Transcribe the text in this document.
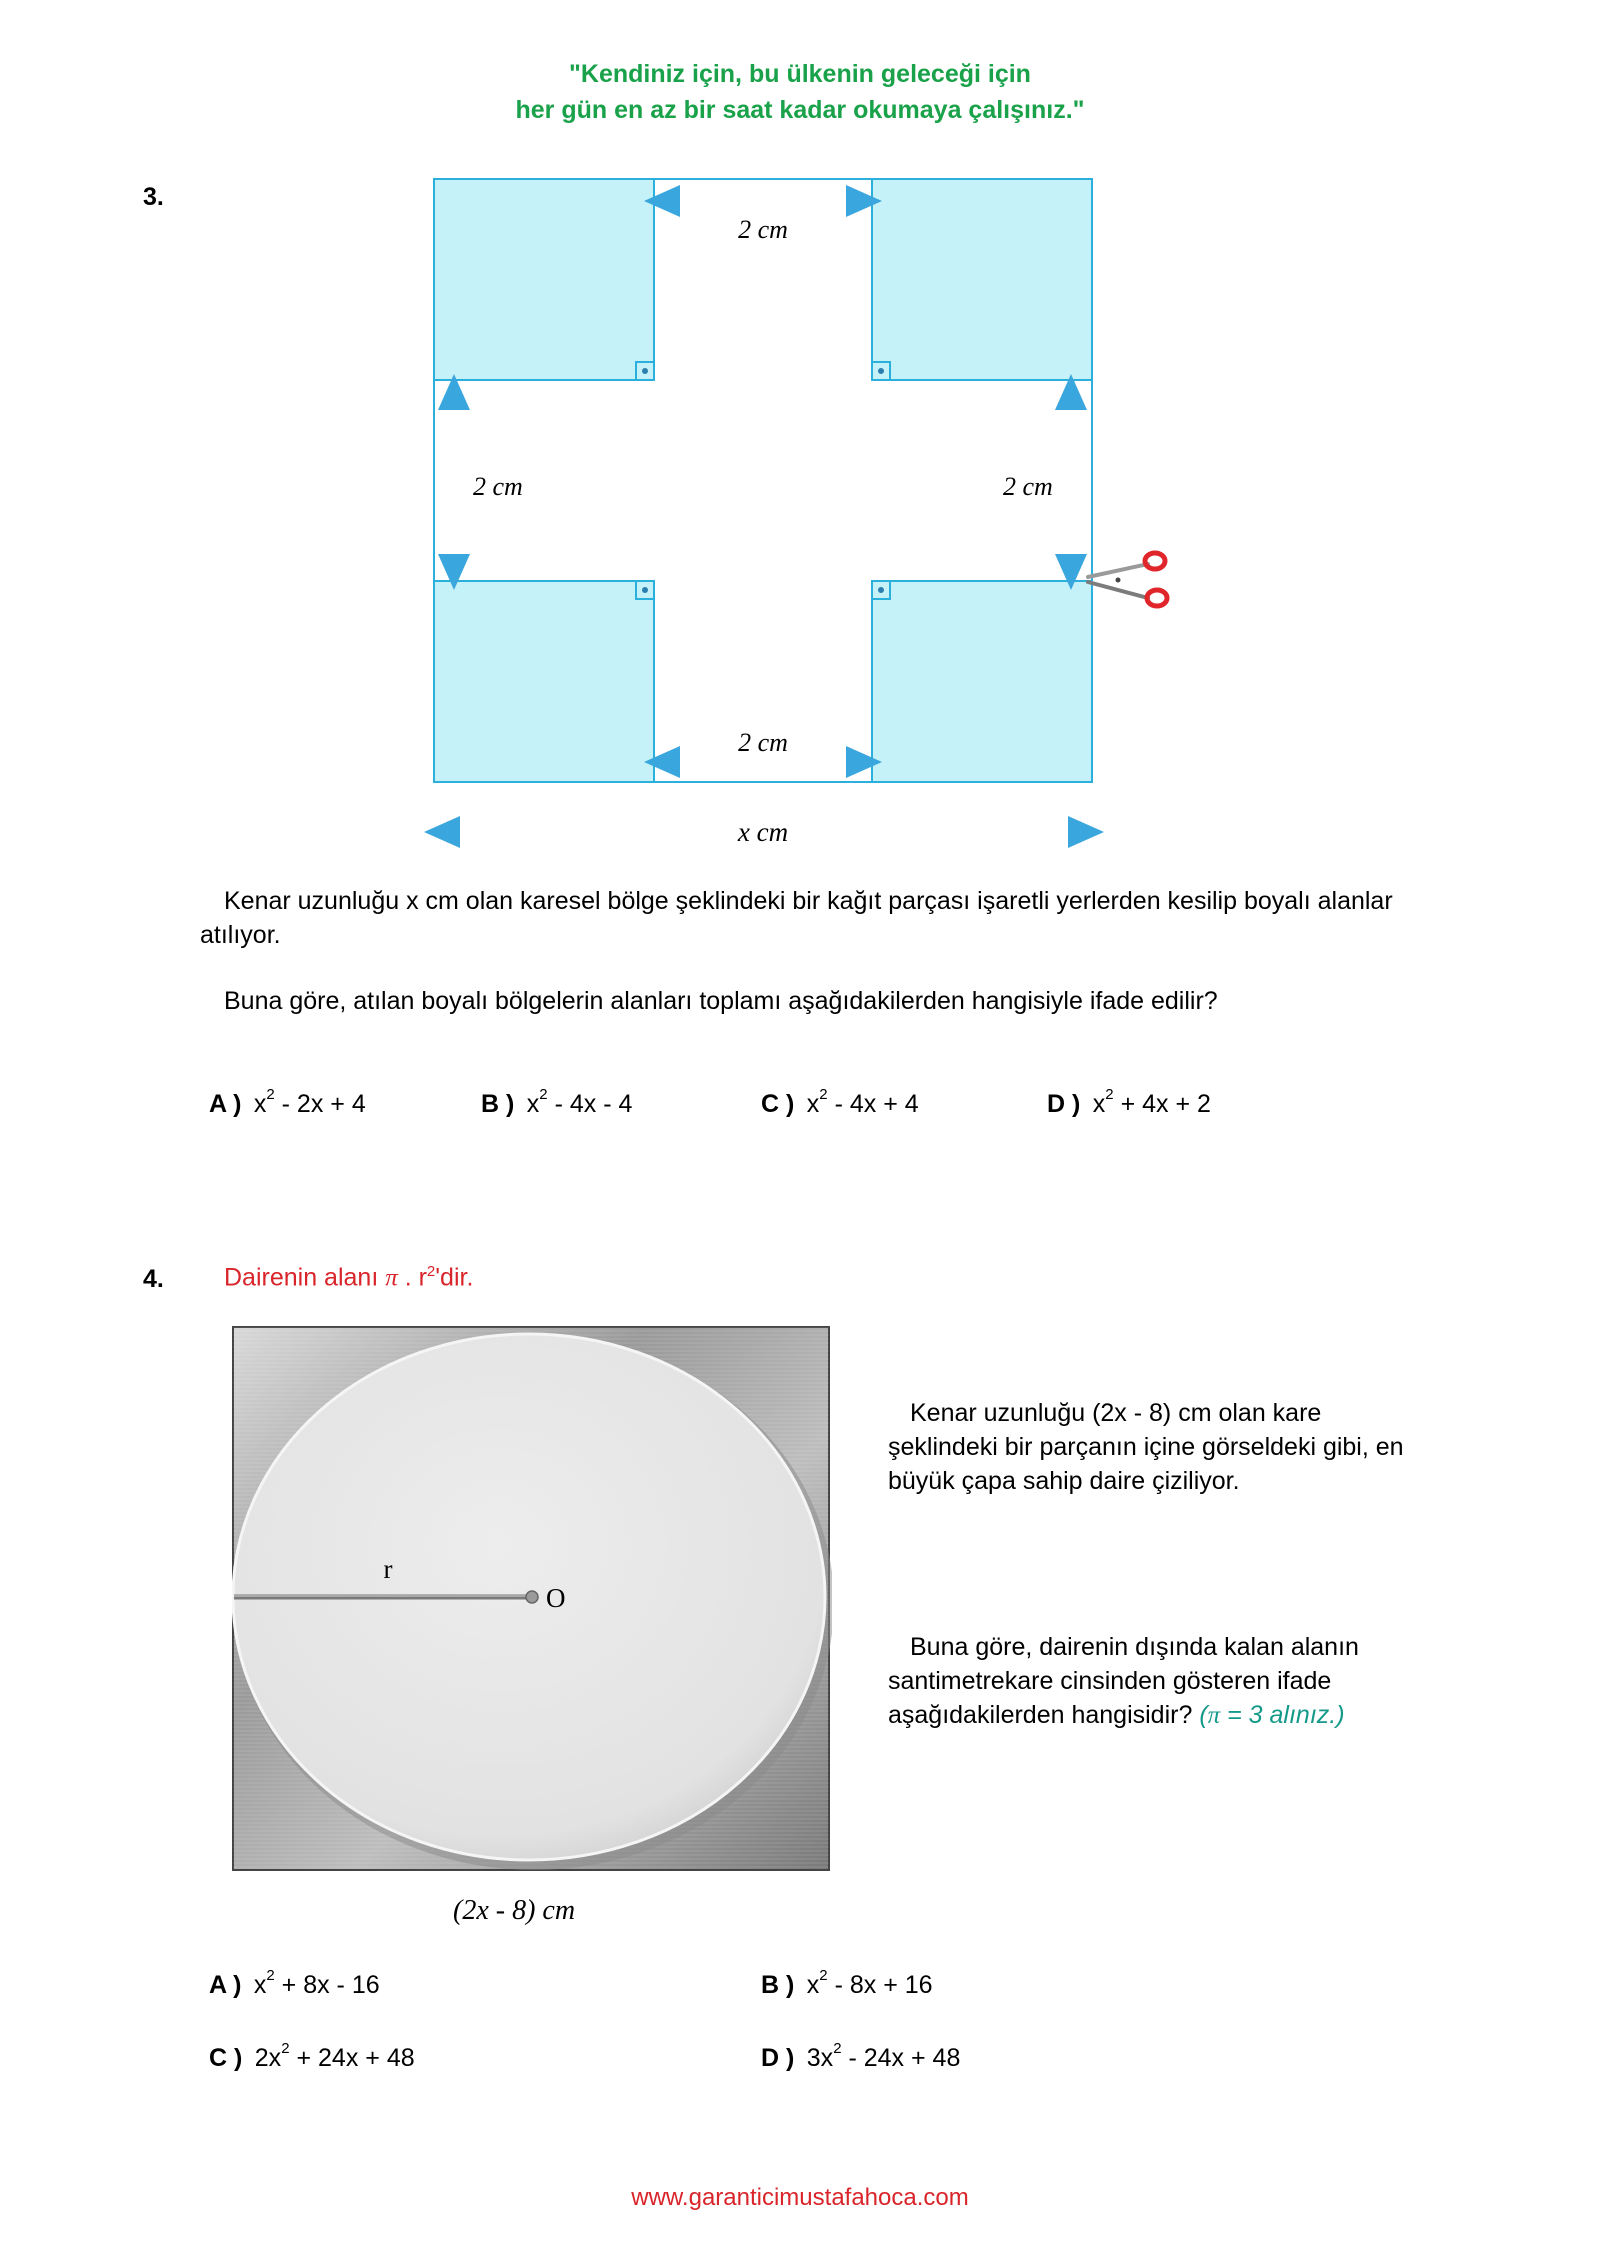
"Kendiniz için, bu ülkenin geleceği için
her gün en az bir saat kadar okumaya çalışınız."
3.
2 cm
2 cm	2 cm
2 cm
x cm
Kenar uzunluğu x cm olan karesel bölge şeklindeki bir kağıt parçası işaretli yerlerden kesilip boyalı alanlar atılıyor.
Buna göre, atılan boyalı bölgelerin alanları toplamı aşağıdakilerden hangisiyle ifade edilir?
A ) $x^2 - 2x + 4$	B ) $x^2 - 4x - 4$	C ) $x^2 - 4x + 4$	D ) $x^2 + 4x + 2$
4. Dairenin alanı π . $r^2'dir$.
r
O
(2x - 8) cm
Kenar uzunluğu (2x - 8) cm olan kare şeklindeki bir parçanın içine görseldeki gibi, en büyük çapa sahip daire çiziliyor.
Buna göre, dairenin dışında kalan alanın santimetrekare cinsinden gösteren ifade aşağıdakilerden hangisidir? (π = 3 alınız.)
A ) $x^2 + 8x - 16$	B ) $x^2 - 8x + 16$
C ) $2x^2 + 24x + 48$	D ) $3x^2 - 24x + 48$
www.garanticimustafahoca.com
